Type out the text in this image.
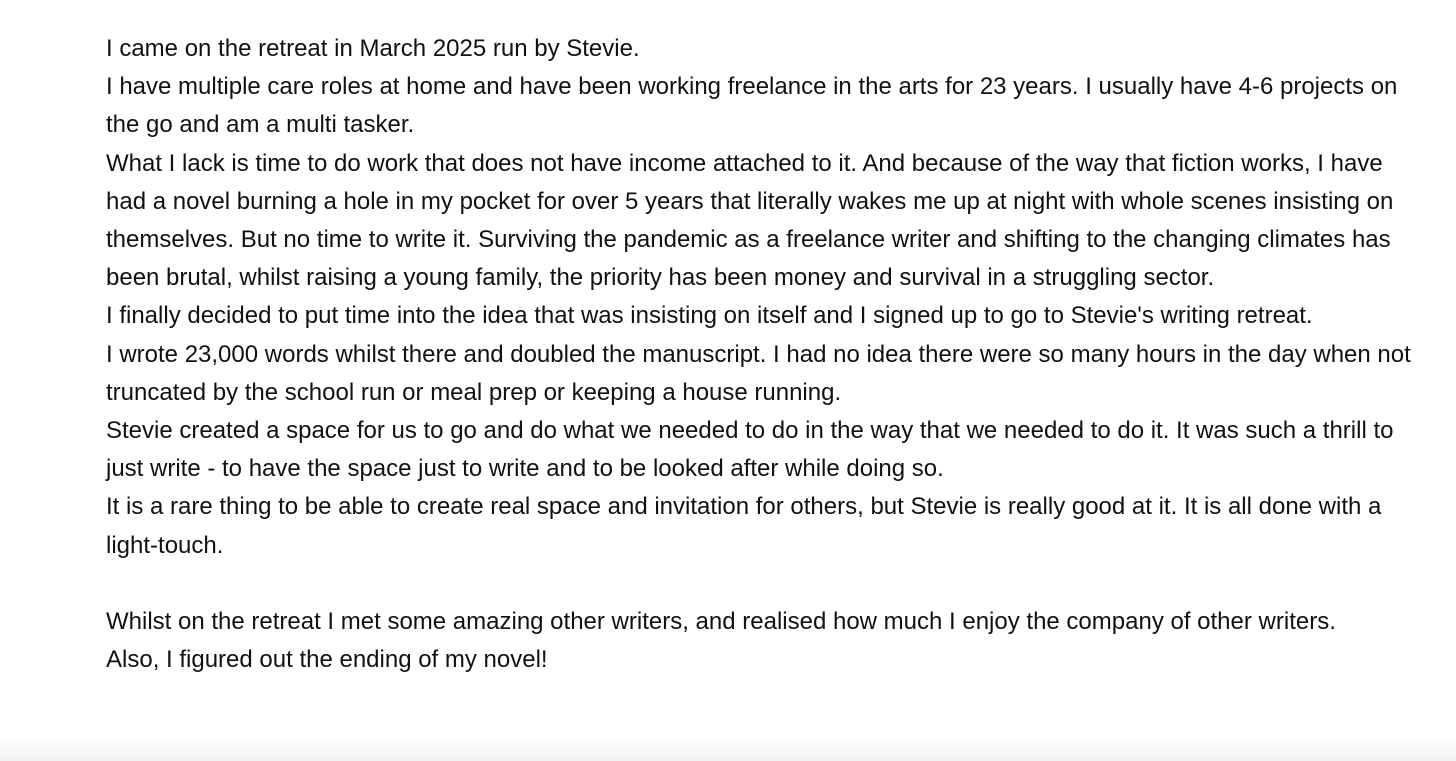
I came on the retreat in March 2025 run by Stevie.

I have multiple care roles at home and have been working freelance in the arts for 23 years. I usually have 4-6 projects on the go and am a multi tasker.

What I lack is time to do work that does not have income attached to it. And because of the way that fiction works, I have had a novel burning a hole in my pocket for over 5 years that literally wakes me up at night with whole scenes insisting on themselves. But no time to write it. Surviving the pandemic as a freelance writer and shifting to the changing climates has been brutal, whilst raising a young family, the priority has been money and survival in a struggling sector.

I finally decided to put time into the idea that was insisting on itself and I signed up to go to Stevie's writing retreat.

I wrote 23,000 words whilst there and doubled the manuscript. I had no idea there were so many hours in the day when not truncated by the school run or meal prep or keeping a house running.

Stevie created a space for us to go and do what we needed to do in the way that we needed to do it. It was such a thrill to just write - to have the space just to write and to be looked after while doing so.

It is a rare thing to be able to create real space and invitation for others, but Stevie is really good at it. It is all done with a light-touch.

Whilst on the retreat I met some amazing other writers, and realised how much I enjoy the company of other writers.

Also, I figured out the ending of my novel!
